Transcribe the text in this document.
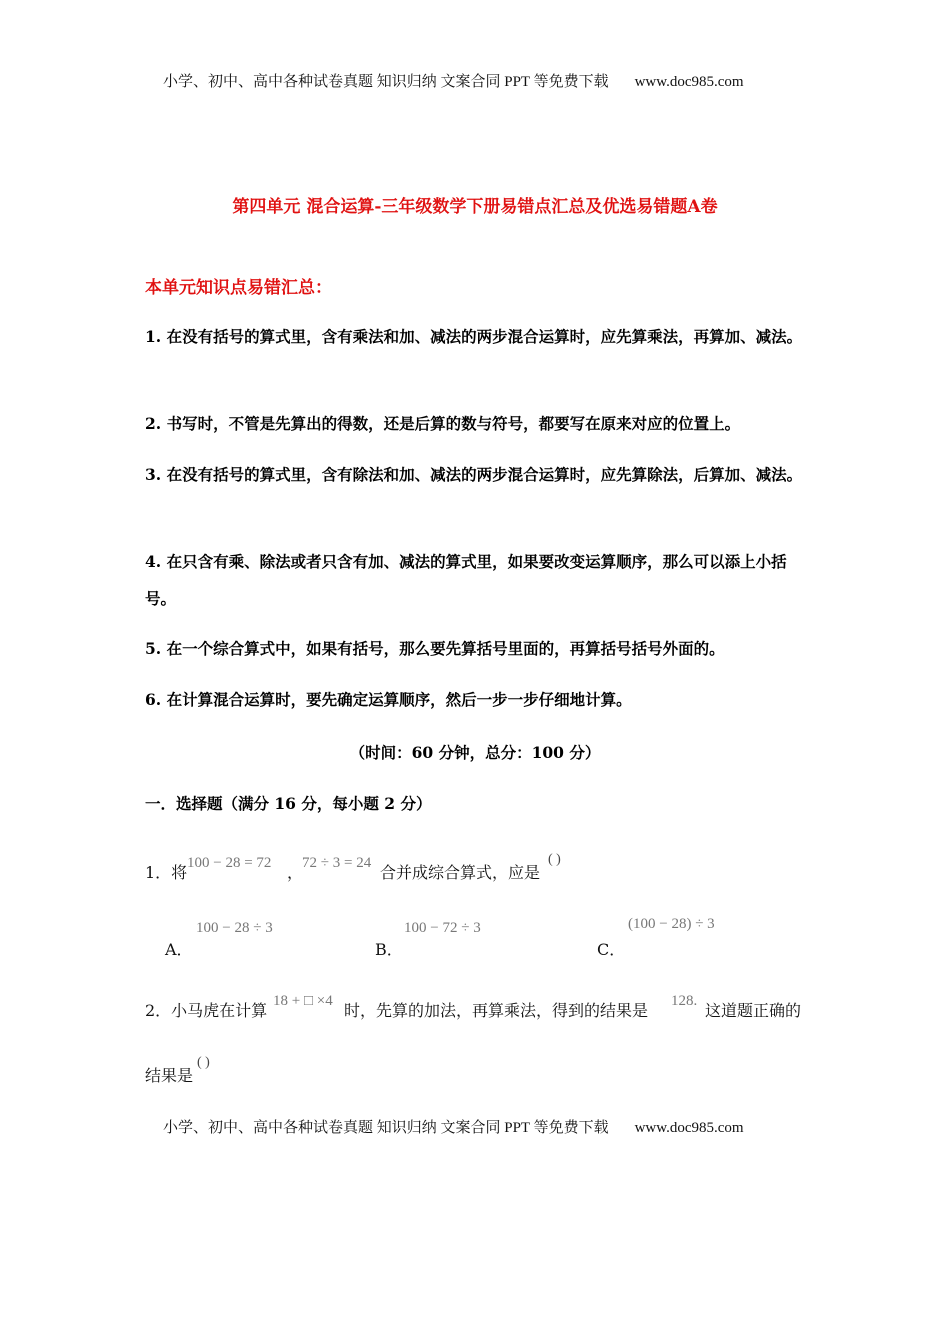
小学、初中、高中各种试卷真题 知识归纳 文案合同 PPT 等免费下载 www.doc985.com
第四单元 混合运算-三年级数学下册易错点汇总及优选易错题A卷
本单元知识点易错汇总：
1. 在没有括号的算式里，含有乘法和加、减法的两步混合运算时，应先算乘法，再算加、减法。
2. 书写时，不管是先算出的得数，还是后算的数与符号，都要写在原来对应的位置上。
3. 在没有括号的算式里，含有除法和加、减法的两步混合运算时，应先算除法，后算加、减法。
4. 在只含有乘、除法或者只含有加、减法的算式里，如果要改变运算顺序，那么可以添上小括号。
5. 在一个综合算式中，如果有括号，那么要先算括号里面的，再算括号括号外面的。
6. 在计算混合运算时，要先确定运算顺序，然后一步一步仔细地计算。
（时间：60 分钟，总分：100 分）
一．选择题（满分 16 分，每小题 2 分）
1．将 100 − 28 = 72 ，
72 ÷ 3 = 24 合并成综合算式，应是
( )
A．
100 − 28 ÷ 3
B．
100 − 72 ÷ 3
C．
(100 − 28) ÷ 3
2．小马虎在计算 18 + □ ×4 时，先算的加法，再算乘法，得到的结果是 128. 这道题正确的
结果是
( )
小学、初中、高中各种试卷真题 知识归纳 文案合同 PPT 等免费下载 www.doc985.com
